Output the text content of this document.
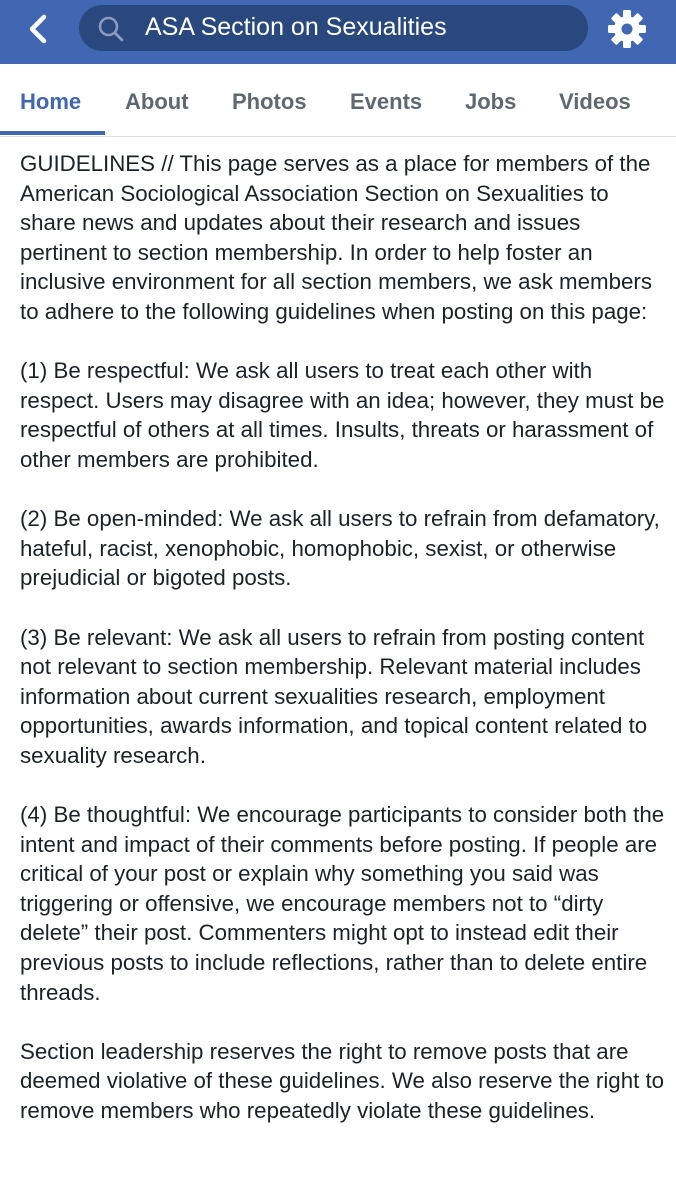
ASA Section on Sexualities
Home About Photos Events Jobs Videos

GUIDELINES // This page serves as a place for members of the American Sociological Association Section on Sexualities to share news and updates about their research and issues pertinent to section membership. In order to help foster an inclusive environment for all section members, we ask members to adhere to the following guidelines when posting on this page:

(1) Be respectful: We ask all users to treat each other with respect. Users may disagree with an idea; however, they must be respectful of others at all times. Insults, threats or harassment of other members are prohibited.

(2) Be open-minded: We ask all users to refrain from defamatory, hateful, racist, xenophobic, homophobic, sexist, or otherwise prejudicial or bigoted posts.

(3) Be relevant: We ask all users to refrain from posting content not relevant to section membership. Relevant material includes information about current sexualities research, employment opportunities, awards information, and topical content related to sexuality research.

(4) Be thoughtful: We encourage participants to consider both the intent and impact of their comments before posting. If people are critical of your post or explain why something you said was triggering or offensive, we encourage members not to “dirty delete” their post. Commenters might opt to instead edit their previous posts to include reflections, rather than to delete entire threads.

Section leadership reserves the right to remove posts that are deemed violative of these guidelines. We also reserve the right to remove members who repeatedly violate these guidelines.
